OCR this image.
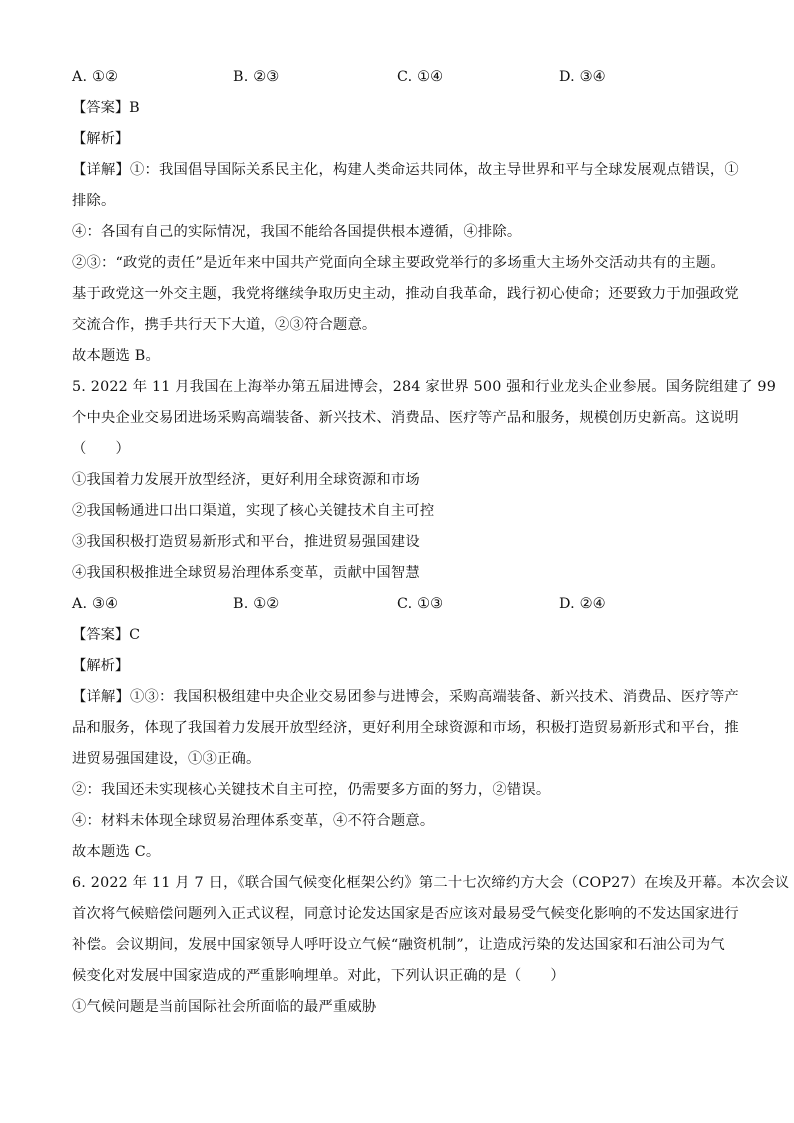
A. ①②	B. ②③	C. ①④	D. ③④
【答案】B
【解析】
【详解】①：我国倡导国际关系民主化，构建人类命运共同体，故主导世界和平与全球发展观点错误，①
排除。
④：各国有自己的实际情况，我国不能给各国提供根本遵循，④排除。
②③：“政党的责任”是近年来中国共产党面向全球主要政党举行的多场重大主场外交活动共有的主题。
基于政党这一外交主题，我党将继续争取历史主动，推动自我革命，践行初心使命；还要致力于加强政党
交流合作，携手共行天下大道，②③符合题意。
故本题选 B。
5. 2022 年 11 月我国在上海举办第五届进博会，284 家世界 500 强和行业龙头企业参展。国务院组建了 99
个中央企业交易团进场采购高端装备、新兴技术、消费品、医疗等产品和服务，规模创历史新高。这说明
（　　）
①我国着力发展开放型经济，更好利用全球资源和市场
②我国畅通进口出口渠道，实现了核心关键技术自主可控
③我国积极打造贸易新形式和平台，推进贸易强国建设
④我国积极推进全球贸易治理体系变革，贡献中国智慧
A. ③④	B. ①②	C. ①③	D. ②④
【答案】C
【解析】
【详解】①③：我国积极组建中央企业交易团参与进博会，采购高端装备、新兴技术、消费品、医疗等产
品和服务，体现了我国着力发展开放型经济，更好利用全球资源和市场，积极打造贸易新形式和平台，推
进贸易强国建设，①③正确。
②：我国还未实现核心关键技术自主可控，仍需要多方面的努力，②错误。
④：材料未体现全球贸易治理体系变革，④不符合题意。
故本题选 C。
6. 2022 年 11 月 7 日，《联合国气候变化框架公约》第二十七次缔约方大会（COP27）在埃及开幕。本次会议
首次将气候赔偿问题列入正式议程，同意讨论发达国家是否应该对最易受气候变化影响的不发达国家进行
补偿。会议期间，发展中国家领导人呼吁设立气候“融资机制”，让造成污染的发达国家和石油公司为气
候变化对发展中国家造成的严重影响埋单。对此，下列认识正确的是（　　）
①气候问题是当前国际社会所面临的最严重威胁
